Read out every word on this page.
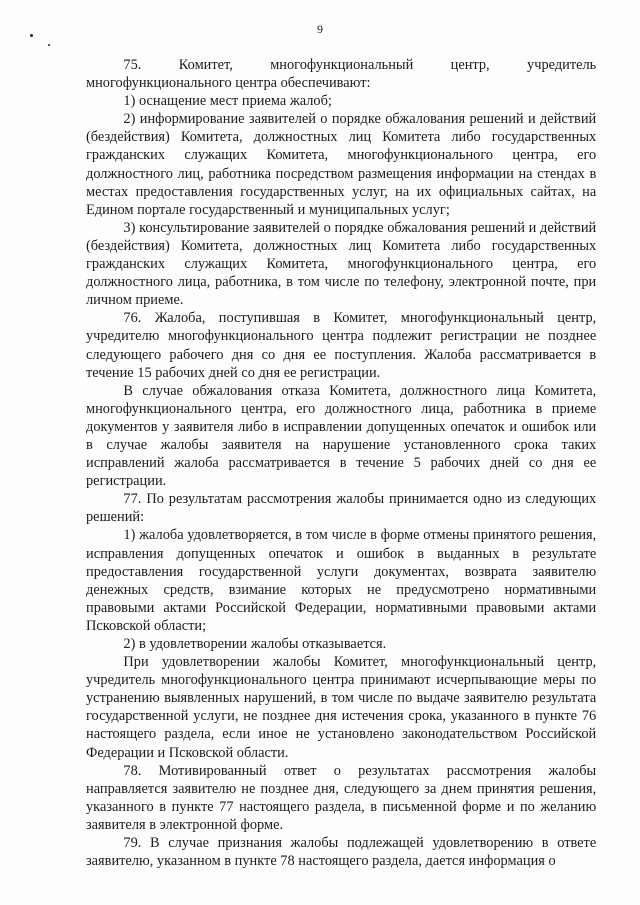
9

75. Комитет, многофункциональный центр, учредитель многофункционального центра обеспечивают:

1) оснащение мест приема жалоб;

2) информирование заявителей о порядке обжалования решений и действий (бездействия) Комитета, должностных лиц Комитета либо государственных гражданских служащих Комитета, многофункционального центра, его должностного лиц, работника посредством размещения информации на стендах в местах предоставления государственных услуг, на их официальных сайтах, на Едином портале государственный и муниципальных услуг;

3) консультирование заявителей о порядке обжалования решений и действий (бездействия) Комитета, должностных лиц Комитета либо государственных гражданских служащих Комитета, многофункционального центра, его должностного лица, работника, в том числе по телефону, электронной почте, при личном приеме.

76. Жалоба, поступившая в Комитет, многофункциональный центр, учредителю многофункционального центра подлежит регистрации не позднее следующего рабочего дня со дня ее поступления. Жалоба рассматривается в течение 15 рабочих дней со дня ее регистрации.

В случае обжалования отказа Комитета, должностного лица Комитета, многофункционального центра, его должностного лица, работника в приеме документов у заявителя либо в исправлении допущенных опечаток и ошибок или в случае жалобы заявителя на нарушение установленного срока таких исправлений жалоба рассматривается в течение 5 рабочих дней со дня ее регистрации.

77. По результатам рассмотрения жалобы принимается одно из следующих решений:

1) жалоба удовлетворяется, в том числе в форме отмены принятого решения, исправления допущенных опечаток и ошибок в выданных в результате предоставления государственной услуги документах, возврата заявителю денежных средств, взимание которых не предусмотрено нормативными правовыми актами Российской Федерации, нормативными правовыми актами Псковской области;

2) в удовлетворении жалобы отказывается.

При удовлетворении жалобы Комитет, многофункциональный центр, учредитель многофункционального центра принимают исчерпывающие меры по устранению выявленных нарушений, в том числе по выдаче заявителю результата государственной услуги, не позднее дня истечения срока, указанного в пункте 76 настоящего раздела, если иное не установлено законодательством Российской Федерации и Псковской области.

78. Мотивированный ответ о результатах рассмотрения жалобы направляется заявителю не позднее дня, следующего за днем принятия решения, указанного в пункте 77 настоящего раздела, в письменной форме и по желанию заявителя в электронной форме.

79. В случае признания жалобы подлежащей удовлетворению в ответе заявителю, указанном в пункте 78 настоящего раздела, дается информация о
